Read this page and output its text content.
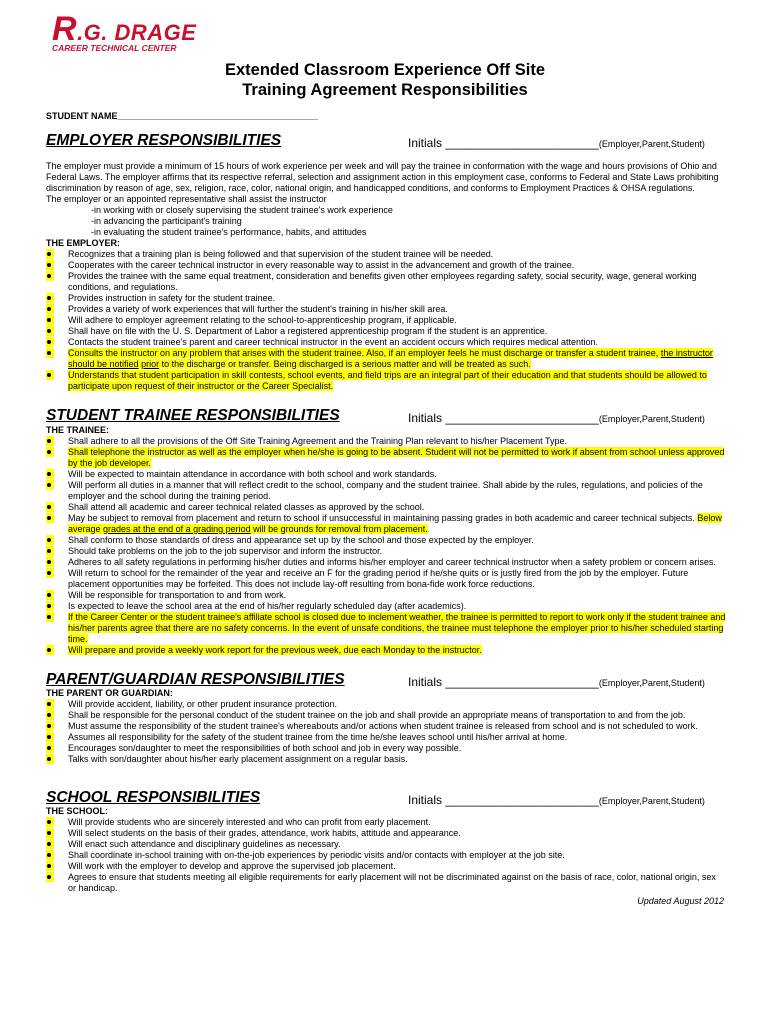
R.G. DRAGE
CAREER TECHNICAL CENTER
Extended Classroom Experience Off Site
Training Agreement Responsibilities
STUDENT NAME________________________________________
EMPLOYER RESPONSIBILITIES	Initials _______________________(Employer,Parent,Student)

The employer must provide a minimum of 15 hours of work experience per week and will pay the trainee in conformation with the wage and hours provisions of Ohio and Federal Laws. The employer affirms that its respective referral, selection and assignment action in this employment case, conforms to Federal and State Laws prohibiting discrimination by reason of age, sex, religion, race, color, national origin, and handicapped conditions, and conforms to Employment Practices & OHSA regulations.

The employer or an appointed representative shall assist the instructor

-in working with or closely supervising the student trainee's work experience

-in advancing the participant's training

-in evaluating the student trainee's performance, habits, and attitudes

THE EMPLOYER:

Recognizes that a training plan is being followed and that supervision of the student trainee will be needed.
Cooperates with the career technical instructor in every reasonable way to assist in the advancement and growth of the trainee.
Provides the trainee with the same equal treatment, consideration and benefits given other employees regarding safety, social security, wage, general working conditions, and regulations.
Provides instruction in safety for the student trainee.
Provides a variety of work experiences that will further the student's training in his/her skill area.
Will adhere to employer agreement relating to the school-to-apprenticeship program, if applicable.
Shall have on file with the U. S. Department of Labor a registered apprenticeship program if the student is an apprentice.
Contacts the student trainee's parent and career technical instructor in the event an accident occurs which requires medical attention.
Consults the instructor on any problem that arises with the student trainee. Also, if an employer feels he must discharge or transfer a student trainee, the instructor should be notified prior to the discharge or transfer. Being discharged is a serious matter and will be treated as such.
Understands that student participation in skill contests, school events, and field trips are an integral part of their education and that students should be allowed to participate upon request of their instructor or the Career Specialist.
STUDENT TRAINEE RESPONSIBILITIES	Initials _______________________(Employer,Parent,Student)

THE TRAINEE:

Shall adhere to all the provisions of the Off Site Training Agreement and the Training Plan relevant to his/her Placement Type.
Shall telephone the instructor as well as the employer when he/she is going to be absent. Student will not be permitted to work if absent from school unless approved by the job developer.
Will be expected to maintain attendance in accordance with both school and work standards.
Will perform all duties in a manner that will reflect credit to the school, company and the student trainee. Shall abide by the rules, regulations, and policies of the employer and the school during the training period.
Shall attend all academic and career technical related classes as approved by the school.
May be subject to removal from placement and return to school if unsuccessful in maintaining passing grades in both academic and career technical subjects. Below average grades at the end of a grading period will be grounds for removal from placement.
Shall conform to those standards of dress and appearance set up by the school and those expected by the employer.
Should take problems on the job to the job supervisor and inform the instructor.
Adheres to all safety regulations in performing his/her duties and informs his/her employer and career technical instructor when a safety problem or concern arises.
Will return to school for the remainder of the year and receive an F for the grading period if he/she quits or is justly fired from the job by the employer. Future placement opportunities may be forfeited. This does not include lay-off resulting from bona-fide work force reductions.
Will be responsible for transportation to and from work.
Is expected to leave the school area at the end of his/her regularly scheduled day (after academics).
If the Career Center or the student trainee's affiliate school is closed due to inclement weather, the trainee is permitted to report to work only if the student trainee and his/her parents agree that there are no safety concerns. In the event of unsafe conditions, the trainee must telephone the employer prior to his/her scheduled starting time.
Will prepare and provide a weekly work report for the previous week, due each Monday to the instructor.
PARENT/GUARDIAN RESPONSIBILITIES	Initials _______________________(Employer,Parent,Student)

THE PARENT OR GUARDIAN:

Will provide accident, liability, or other prudent insurance protection.
Shall be responsible for the personal conduct of the student trainee on the job and shall provide an appropriate means of transportation to and from the job.
Must assume the responsibility of the student trainee's whereabouts and/or actions when student trainee is released from school and is not scheduled to work.
Assumes all responsibility for the safety of the student trainee from the time he/she leaves school until his/her arrival at home.
Encourages son/daughter to meet the responsibilities of both school and job in every way possible.
Talks with son/daughter about his/her early placement assignment on a regular basis.
SCHOOL RESPONSIBILITIES	Initials _______________________(Employer,Parent,Student)

THE SCHOOL:

Will provide students who are sincerely interested and who can profit from early placement.
Will select students on the basis of their grades, attendance, work habits, attitude and appearance.
Will enact such attendance and disciplinary guidelines as necessary.
Shall coordinate in-school training with on-the-job experiences by periodic visits and/or contacts with employer at the job site.
Will work with the employer to develop and approve the supervised job placement.
Agrees to ensure that students meeting all eligible requirements for early placement will not be discriminated against on the basis of race, color, national origin, sex or handicap.
Updated August 2012
